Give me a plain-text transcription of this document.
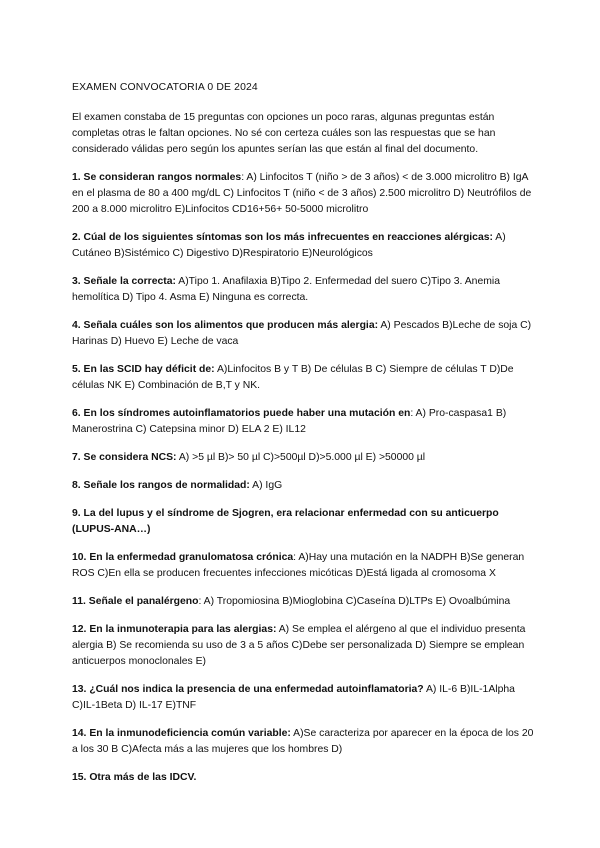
EXAMEN CONVOCATORIA 0 DE 2024

El examen constaba de 15 preguntas con opciones un poco raras, algunas preguntas están completas otras le faltan opciones. No sé con certeza cuáles son las respuestas que se han considerado válidas pero según los apuntes serían las que están al final del documento.

1. Se consideran rangos normales: A) Linfocitos T (niño > de 3 años) < de 3.000 microlitro B) IgA en el plasma de 80 a 400 mg/dL C) Linfocitos T (niño < de 3 años) 2.500 microlitro D) Neutrófilos de 200 a 8.000 microlitro E)Linfocitos CD16+56+ 50-5000 microlitro

2. Cúal de los siguientes síntomas son los más infrecuentes en reacciones alérgicas: A) Cutáneo B)Sistémico C) Digestivo D)Respiratorio E)Neurológicos

3. Señale la correcta: A)Tipo 1. Anafilaxia B)Tipo 2. Enfermedad del suero C)Tipo 3. Anemia hemolítica D) Tipo 4. Asma E) Ninguna es correcta.

4. Señala cuáles son los alimentos que producen más alergia: A) Pescados B)Leche de soja C) Harinas D) Huevo E) Leche de vaca

5. En las SCID hay déficit de: A)Linfocitos B y T B) De células B C) Siempre de células T D)De células NK E) Combinación de B,T y NK.

6. En los síndromes autoinflamatorios puede haber una mutación en: A) Pro-caspasa1 B) Manerostrina C) Catepsina minor D) ELA 2 E) IL12

7. Se considera NCS: A) >5 µl B)> 50 µl C)>500µl D)>5.000 µl E) >50000 µl

8. Señale los rangos de normalidad: A) IgG

9. La del lupus y el síndrome de Sjogren, era relacionar enfermedad con su anticuerpo (LUPUS-ANA…)

10. En la enfermedad granulomatosa crónica: A)Hay una mutación en la NADPH B)Se generan ROS C)En ella se producen frecuentes infecciones micóticas D)Está ligada al cromosoma X

11. Señale el panalérgeno: A) Tropomiosina B)Mioglobina C)Caseína D)LTPs E) Ovoalbúmina

12. En la inmunoterapia para las alergias: A) Se emplea el alérgeno al que el individuo presenta alergia B) Se recomienda su uso de 3 a 5 años C)Debe ser personalizada D) Siempre se emplean anticuerpos monoclonales E)

13. ¿Cuál nos indica la presencia de una enfermedad autoinflamatoria? A) IL-6 B)IL-1Alpha C)IL-1Beta D) IL-17 E)TNF

14. En la inmunodeficiencia común variable: A)Se caracteriza por aparecer en la época de los 20 a los 30 B C)Afecta más a las mujeres que los hombres D)

15. Otra más de las IDCV.
